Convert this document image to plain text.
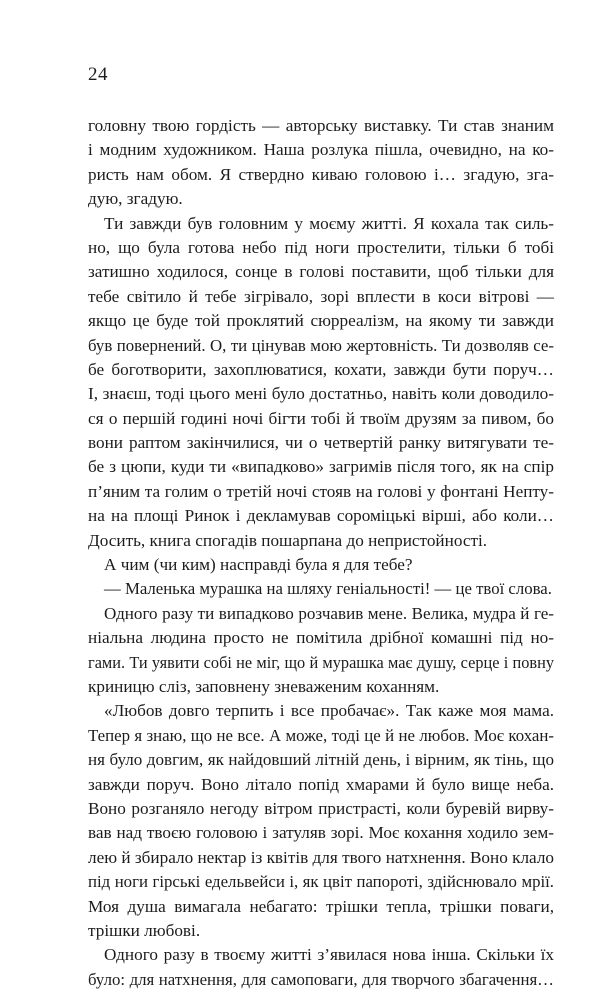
24
головну твою гордість — авторську виставку. Ти став знаним
і модним художником. Наша розлука пішла, очевидно, на ко-
ристь нам обом. Я ствердно киваю головою і… згадую, зга-
дую, згадую.
Ти завжди був головним у моєму житті. Я кохала так силь-
но, що була готова небо під ноги простелити, тільки б тобі
затишно ходилося, сонце в голові поставити, щоб тільки для
тебе світило й тебе зігрівало, зорі вплести в коси вітрові —
якщо це буде той проклятий сюрреалізм, на якому ти завжди
був повернений. О, ти цінував мою жертовність. Ти дозволяв се-
бе боготворити, захоплюватися, кохати, завжди бути поруч…
І, знаєш, тоді цього мені було достатньо, навіть коли доводило-
ся о першій годині ночі бігти тобі й твоїм друзям за пивом, бо
вони раптом закінчилися, чи о четвертій ранку витягувати те-
бе з цюпи, куди ти «випадково» загримів після того, як на спір
п’яним та голим о третій ночі стояв на голові у фонтані Непту-
на на площі Ринок і декламував сороміцькі вірші, або коли…
Досить, книга спогадів пошарпана до непристойності.
А чим (чи ким) насправді була я для тебе?
— Маленька мурашка на шляху геніальності! — це твої слова.
Одного разу ти випадково розчавив мене. Велика, мудра й ге-
ніальна людина просто не помітила дрібної комашні під но-
гами. Ти уявити собі не міг, що й мурашка має душу, серце і повну
криницю сліз, заповнену зневаженим коханням.
«Любов довго терпить і все пробачає». Так каже моя мама.
Тепер я знаю, що не все. А може, тоді це й не любов. Моє кохан-
ня було довгим, як найдовший літній день, і вірним, як тінь, що
завжди поруч. Воно літало попід хмарами й було вище неба.
Воно розганяло негоду вітром пристрасті, коли буревій вирву-
вав над твоєю головою і затуляв зорі. Моє кохання ходило зем-
лею й збирало нектар із квітів для твого натхнення. Воно клало
під ноги гірські едельвейси і, як цвіт папороті, здійснювало мрії.
Моя душа вимагала небагато: трішки тепла, трішки поваги,
трішки любові.
Одного разу в твоєму житті з’явилася нова інша. Скільки їх
було: для натхнення, для самоповаги, для творчого збагачення…
